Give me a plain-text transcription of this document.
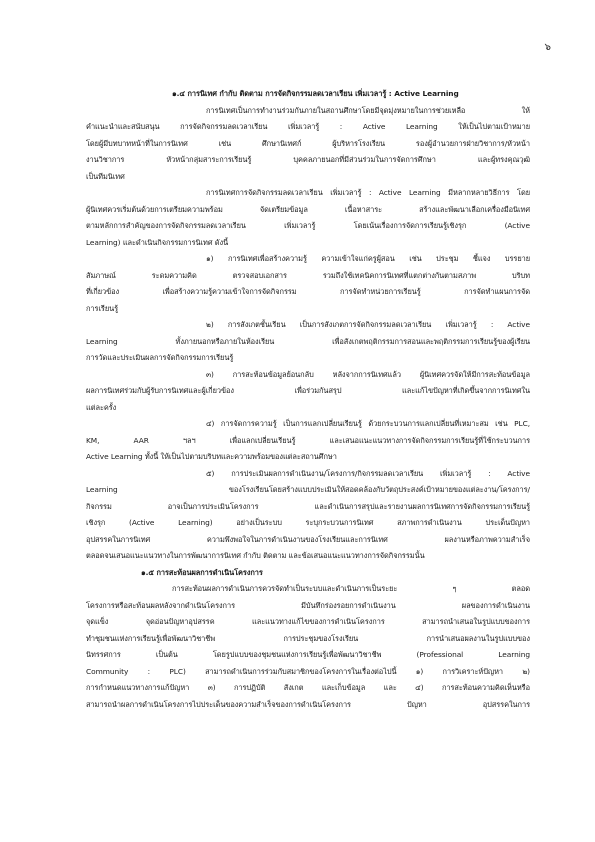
๖

๑.๔ การนิเทศ กำกับ ติดตาม การจัดกิจกรรมลดเวลาเรียน เพิ่มเวลารู้ : Active Learning

การนิเทศเป็นการทำงานร่วมกันภายในสถานศึกษาโดยมีจุดมุ่งหมายในการช่วยเหลือ ให้

คำแนะนำและสนับสนุน การจัดกิจกรรมลดเวลาเรียน เพิ่มเวลารู้ : Active Learning ให้เป็นไปตามเป้าหมาย

โดยผู้มีบทบาทหน้าที่ในการนิเทศ เช่น ศึกษานิเทศก์ ผู้บริหารโรงเรียน รองผู้อำนวยการฝ่ายวิชาการ/หัวหน้า

งานวิชาการ หัวหน้ากลุ่มสาระการเรียนรู้ บุคคลภายนอกที่มีส่วนร่วมในการจัดการศึกษา และผู้ทรงคุณวุฒิ

เป็นทีมนิเทศ

การนิเทศการจัดกิจกรรมลดเวลาเรียน เพิ่มเวลารู้ : Active Learning มีหลากหลายวิธีการ โดย

ผู้นิเทศควรเริ่มต้นด้วยการเตรียมความพร้อม จัดเตรียมข้อมูล เนื้อหาสาระ สร้างและพัฒนาเลือกเครื่องมือนิเทศ

ตามหลักการสำคัญของการจัดกิจกรรมลดเวลาเรียน เพิ่มเวลารู้ โดยเน้นเรื่องการจัดการเรียนรู้เชิงรุก (Active

Learning) และดำเนินกิจกรรมการนิเทศ ดังนี้

๑) การนิเทศเพื่อสร้างความรู้ ความเข้าใจแก่ครูผู้สอน เช่น ประชุม ชี้แจง บรรยาย

สัมภาษณ์ ระดมความคิด ตรวจสอบเอกสาร รวมถึงใช้เทคนิคการนิเทศที่แตกต่างกันตามสภาพ บริบท

ที่เกี่ยวข้อง เพื่อสร้างความรู้ความเข้าใจการจัดกิจกรรม การจัดทำหน่วยการเรียนรู้ การจัดทำแผนการจัด

การเรียนรู้

๒) การสังเกตชั้นเรียน เป็นการสังเกตการจัดกิจกรรมลดเวลาเรียน เพิ่มเวลารู้ : Active

Learning ทั้งภายนอกหรือภายในห้องเรียน เพื่อสังเกตพฤติกรรมการสอนและพฤติกรรมการเรียนรู้ของผู้เรียน

การวัดและประเมินผลการจัดกิจกรรมการเรียนรู้

๓) การสะท้อนข้อมูลย้อนกลับ หลังจากการนิเทศแล้ว ผู้นิเทศควรจัดให้มีการสะท้อนข้อมูล

ผลการนิเทศร่วมกับผู้รับการนิเทศและผู้เกี่ยวข้อง เพื่อร่วมกันสรุป และแก้ไขปัญหาที่เกิดขึ้นจากการนิเทศใน

แต่ละครั้ง

๔) การจัดการความรู้ เป็นการแลกเปลี่ยนเรียนรู้ ด้วยกระบวนการแลกเปลี่ยนที่เหมาะสม เช่น PLC,

KM, AAR ฯลฯ เพื่อแลกเปลี่ยนเรียนรู้ และเสนอแนะแนวทางการจัดกิจกรรมการเรียนรู้ที่ใช้กระบวนการ

Active Learning ทั้งนี้ ให้เป็นไปตามบริบทและความพร้อมของแต่ละสถานศึกษา

๕) การประเมินผลการดำเนินงาน/โครงการ/กิจกรรมลดเวลาเรียน เพิ่มเวลารู้ : Active

Learning ของโรงเรียนโดยสร้างแบบประเมินให้สอดคล้องกับวัตถุประสงค์เป้าหมายของแต่ละงาน/โครงการ/

กิจกรรม อาจเป็นการประเมินโครงการ และดำเนินการสรุปและรายงานผลการนิเทศการจัดกิจกรรมการเรียนรู้

เชิงรุก (Active Learning) อย่างเป็นระบบ ระบุกระบวนการนิเทศ สภาพการดำเนินงาน ประเด็นปัญหา

อุปสรรคในการนิเทศ ความพึงพอใจในการดำเนินงานของโรงเรียนและการนิเทศ ผลงานหรือภาพความสำเร็จ

ตลอดจนเสนอแนะแนวทางในการพัฒนาการนิเทศ กำกับ ติดตาม และข้อเสนอแนะแนวทางการจัดกิจกรรมนั้น

๑.๕ การสะท้อนผลการดำเนินโครงการ

การสะท้อนผลการดำเนินการควรจัดทำเป็นระบบและดำเนินการเป็นระยะ ๆ ตลอด

โครงการหรือสะท้อนผลหลังจากดำเนินโครงการ มีบันทึกร่องรอยการดำเนินงาน ผลของการดำเนินงาน

จุดแข็ง จุดอ่อนปัญหาอุปสรรค และแนวทางแก้ไขของการดำเนินโครงการ สามารถนำเสนอในรูปแบบของการ

ทำชุมชนแห่งการเรียนรู้เพื่อพัฒนาวิชาชีพ การประชุมของโรงเรียน การนำเสนอผลงานในรูปแบบของ

นิทรรศการ เป็นต้น โดยรูปแบบของชุมชนแห่งการเรียนรู้เพื่อพัฒนาวิชาชีพ (Professional Learning

Community : PLC) สามารถดำเนินการร่วมกับสมาชิกของโครงการในเรื่องต่อไปนี้ ๑) การวิเคราะห์ปัญหา ๒)

การกำหนดแนวทางการแก้ปัญหา ๓) การปฏิบัติ สังเกต และเก็บข้อมูล และ ๔) การสะท้อนความคิดเห็นหรือ

สามารถนำผลการดำเนินโครงการไปประเด็นของความสำเร็จของการดำเนินโครงการ ปัญหา อุปสรรคในการ
